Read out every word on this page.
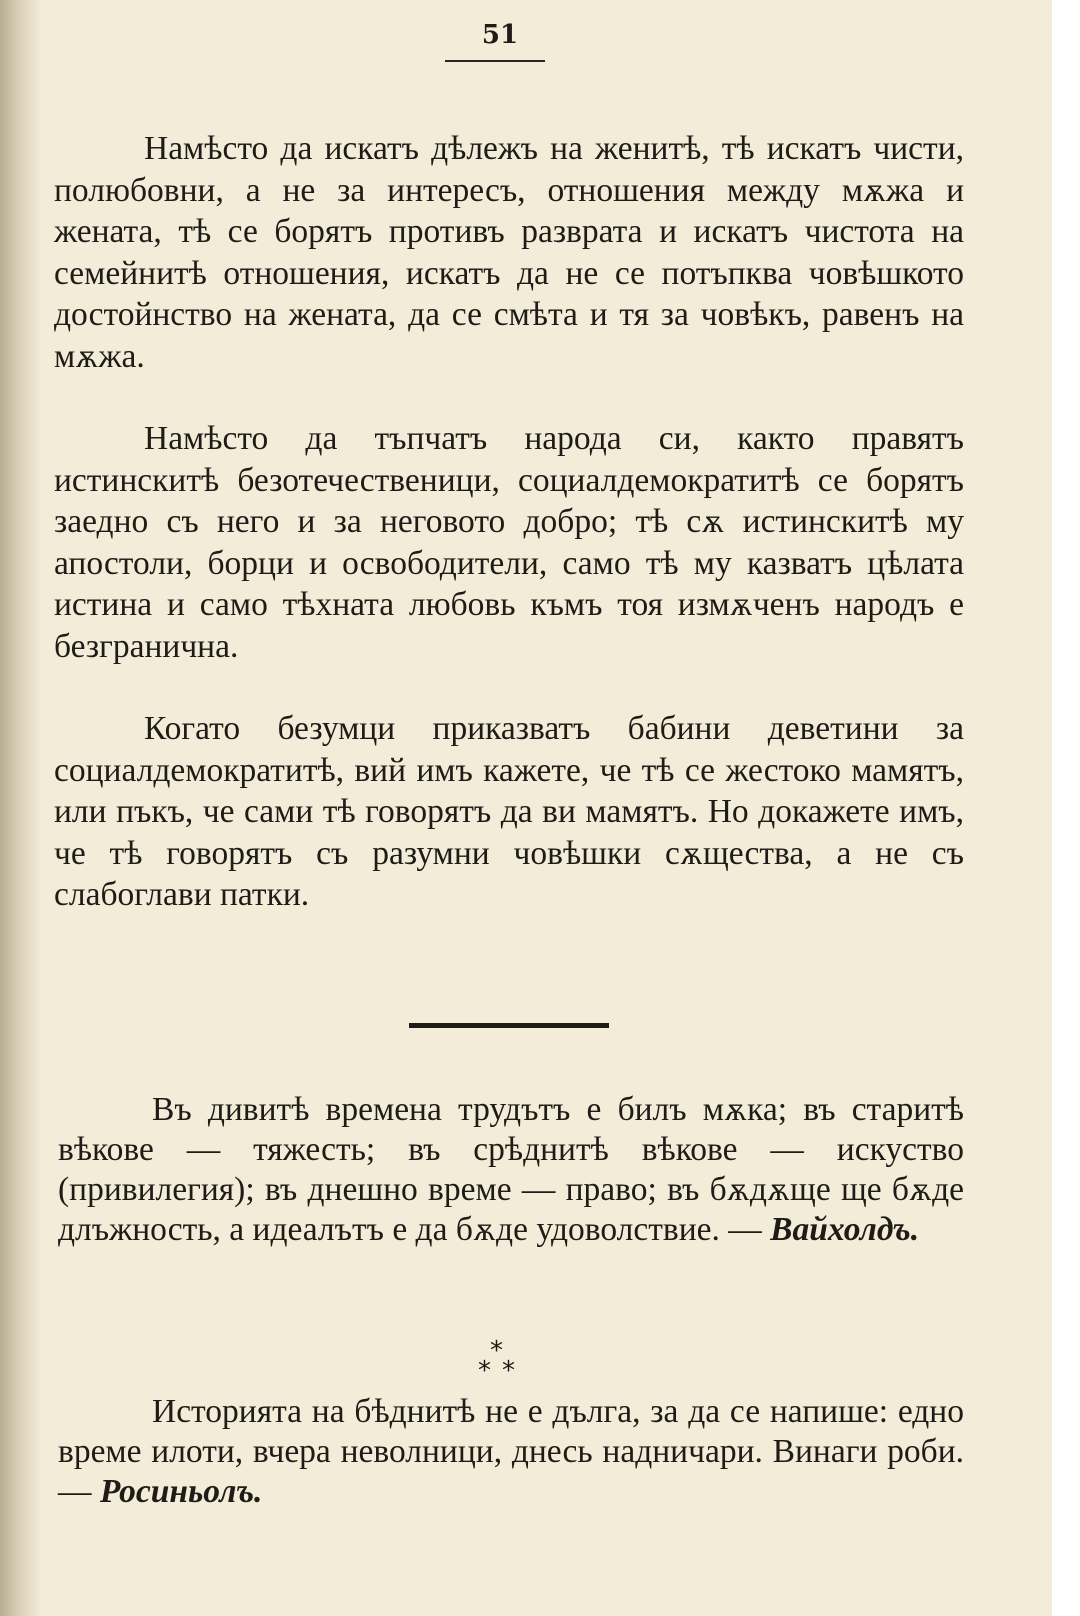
51

Намѣсто да искатъ дѣлежъ на женитѣ, тѣ искатъ чисти, полюбовни, а не за интересъ, отношения между мѫжа и жената, тѣ се борятъ противъ разврата и искатъ чистота на семейнитѣ отношения, искатъ да не се потъпква човѣшкото достойнство на жената, да се смѣта и тя за човѣкъ, равенъ на мѫжа.

Намѣсто да тъпчатъ народа си, както правятъ истинскитѣ безотечественици, социалдемократитѣ се борятъ заедно съ него и за неговото добро; тѣ сѫ истинскитѣ му апостоли, борци и освободители, само тѣ му казватъ цѣлата истина и само тѣхната любовь къмъ тоя измѫченъ народъ е безгранична.

Когато безумци приказватъ бабини деветини за социалдемократитѣ, вий имъ кажете, че тѣ се жестоко мамятъ, или пъкъ, че сами тѣ говорятъ да ви мамятъ. Но докажете имъ, че тѣ говорятъ съ разумни човѣшки сѫщества, а не съ слабоглави патки.

Въ дивитѣ времена трудътъ е билъ мѫка; въ старитѣ вѣкове — тяжесть; въ срѣднитѣ вѣкове — искуство (привилегия); въ днешно време — право; въ бѫдѫще ще бѫде длъжность, а идеалътъ е да бѫде удоволствие. — Вайхолдъ.

*
* *

Историята на бѣднитѣ не е дълга, за да се напише: едно време илоти, вчера неволници, днесь надничари. Винаги роби. — Росиньолъ.
